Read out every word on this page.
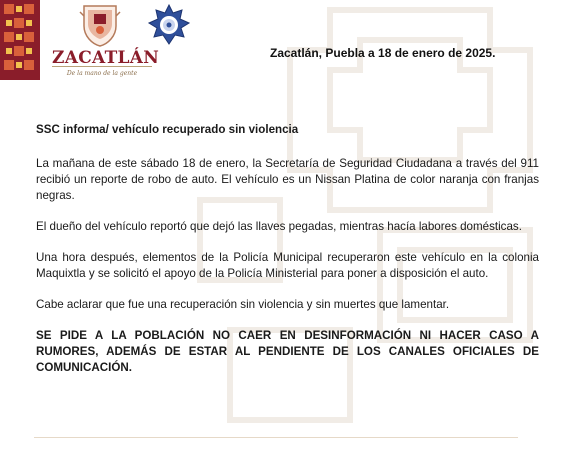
ZACATLÁN
De la mano de la gente
Zacatlán, Puebla a 18 de enero de 2025.

SSC informa/ vehículo recuperado sin violencia

La mañana de este sábado 18 de enero, la Secretaría de Seguridad Ciudadana a través del 911 recibió un reporte de robo de auto. El vehículo es un Nissan Platina de color naranja con franjas negras.

El dueño del vehículo reportó que dejó las llaves pegadas, mientras hacía labores domésticas.

Una hora después, elementos de la Policía Municipal recuperaron este vehículo en la colonia Maquixtla y se solicitó el apoyo de la Policía Ministerial para poner a disposición el auto.

Cabe aclarar que fue una recuperación sin violencia y sin muertes que lamentar.

SE PIDE A LA POBLACIÓN NO CAER EN DESINFORMACIÓN NI HACER CASO A RUMORES, ADEMÁS DE ESTAR AL PENDIENTE DE LOS CANALES OFICIALES DE COMUNICACIÓN.
